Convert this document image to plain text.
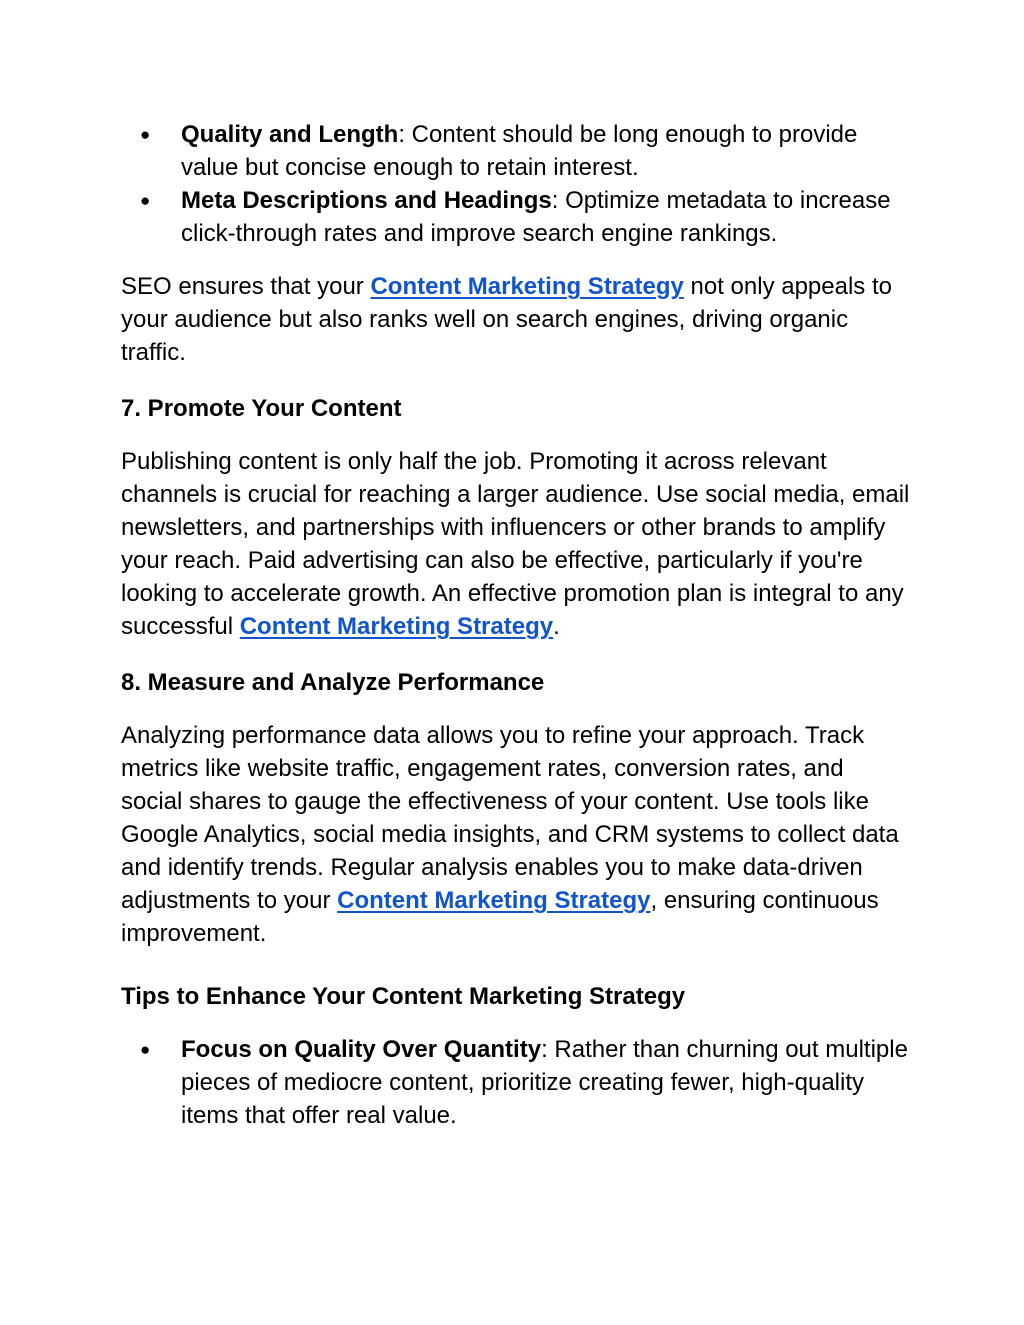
● Quality and Length: Content should be long enough to provide value but concise enough to retain interest.
● Meta Descriptions and Headings: Optimize metadata to increase click-through rates and improve search engine rankings.

SEO ensures that your Content Marketing Strategy not only appeals to your audience but also ranks well on search engines, driving organic traffic.

7. Promote Your Content

Publishing content is only half the job. Promoting it across relevant channels is crucial for reaching a larger audience. Use social media, email newsletters, and partnerships with influencers or other brands to amplify your reach. Paid advertising can also be effective, particularly if you're looking to accelerate growth. An effective promotion plan is integral to any successful Content Marketing Strategy.

8. Measure and Analyze Performance

Analyzing performance data allows you to refine your approach. Track metrics like website traffic, engagement rates, conversion rates, and social shares to gauge the effectiveness of your content. Use tools like Google Analytics, social media insights, and CRM systems to collect data and identify trends. Regular analysis enables you to make data-driven adjustments to your Content Marketing Strategy, ensuring continuous improvement.

Tips to Enhance Your Content Marketing Strategy

● Focus on Quality Over Quantity: Rather than churning out multiple pieces of mediocre content, prioritize creating fewer, high-quality items that offer real value.
